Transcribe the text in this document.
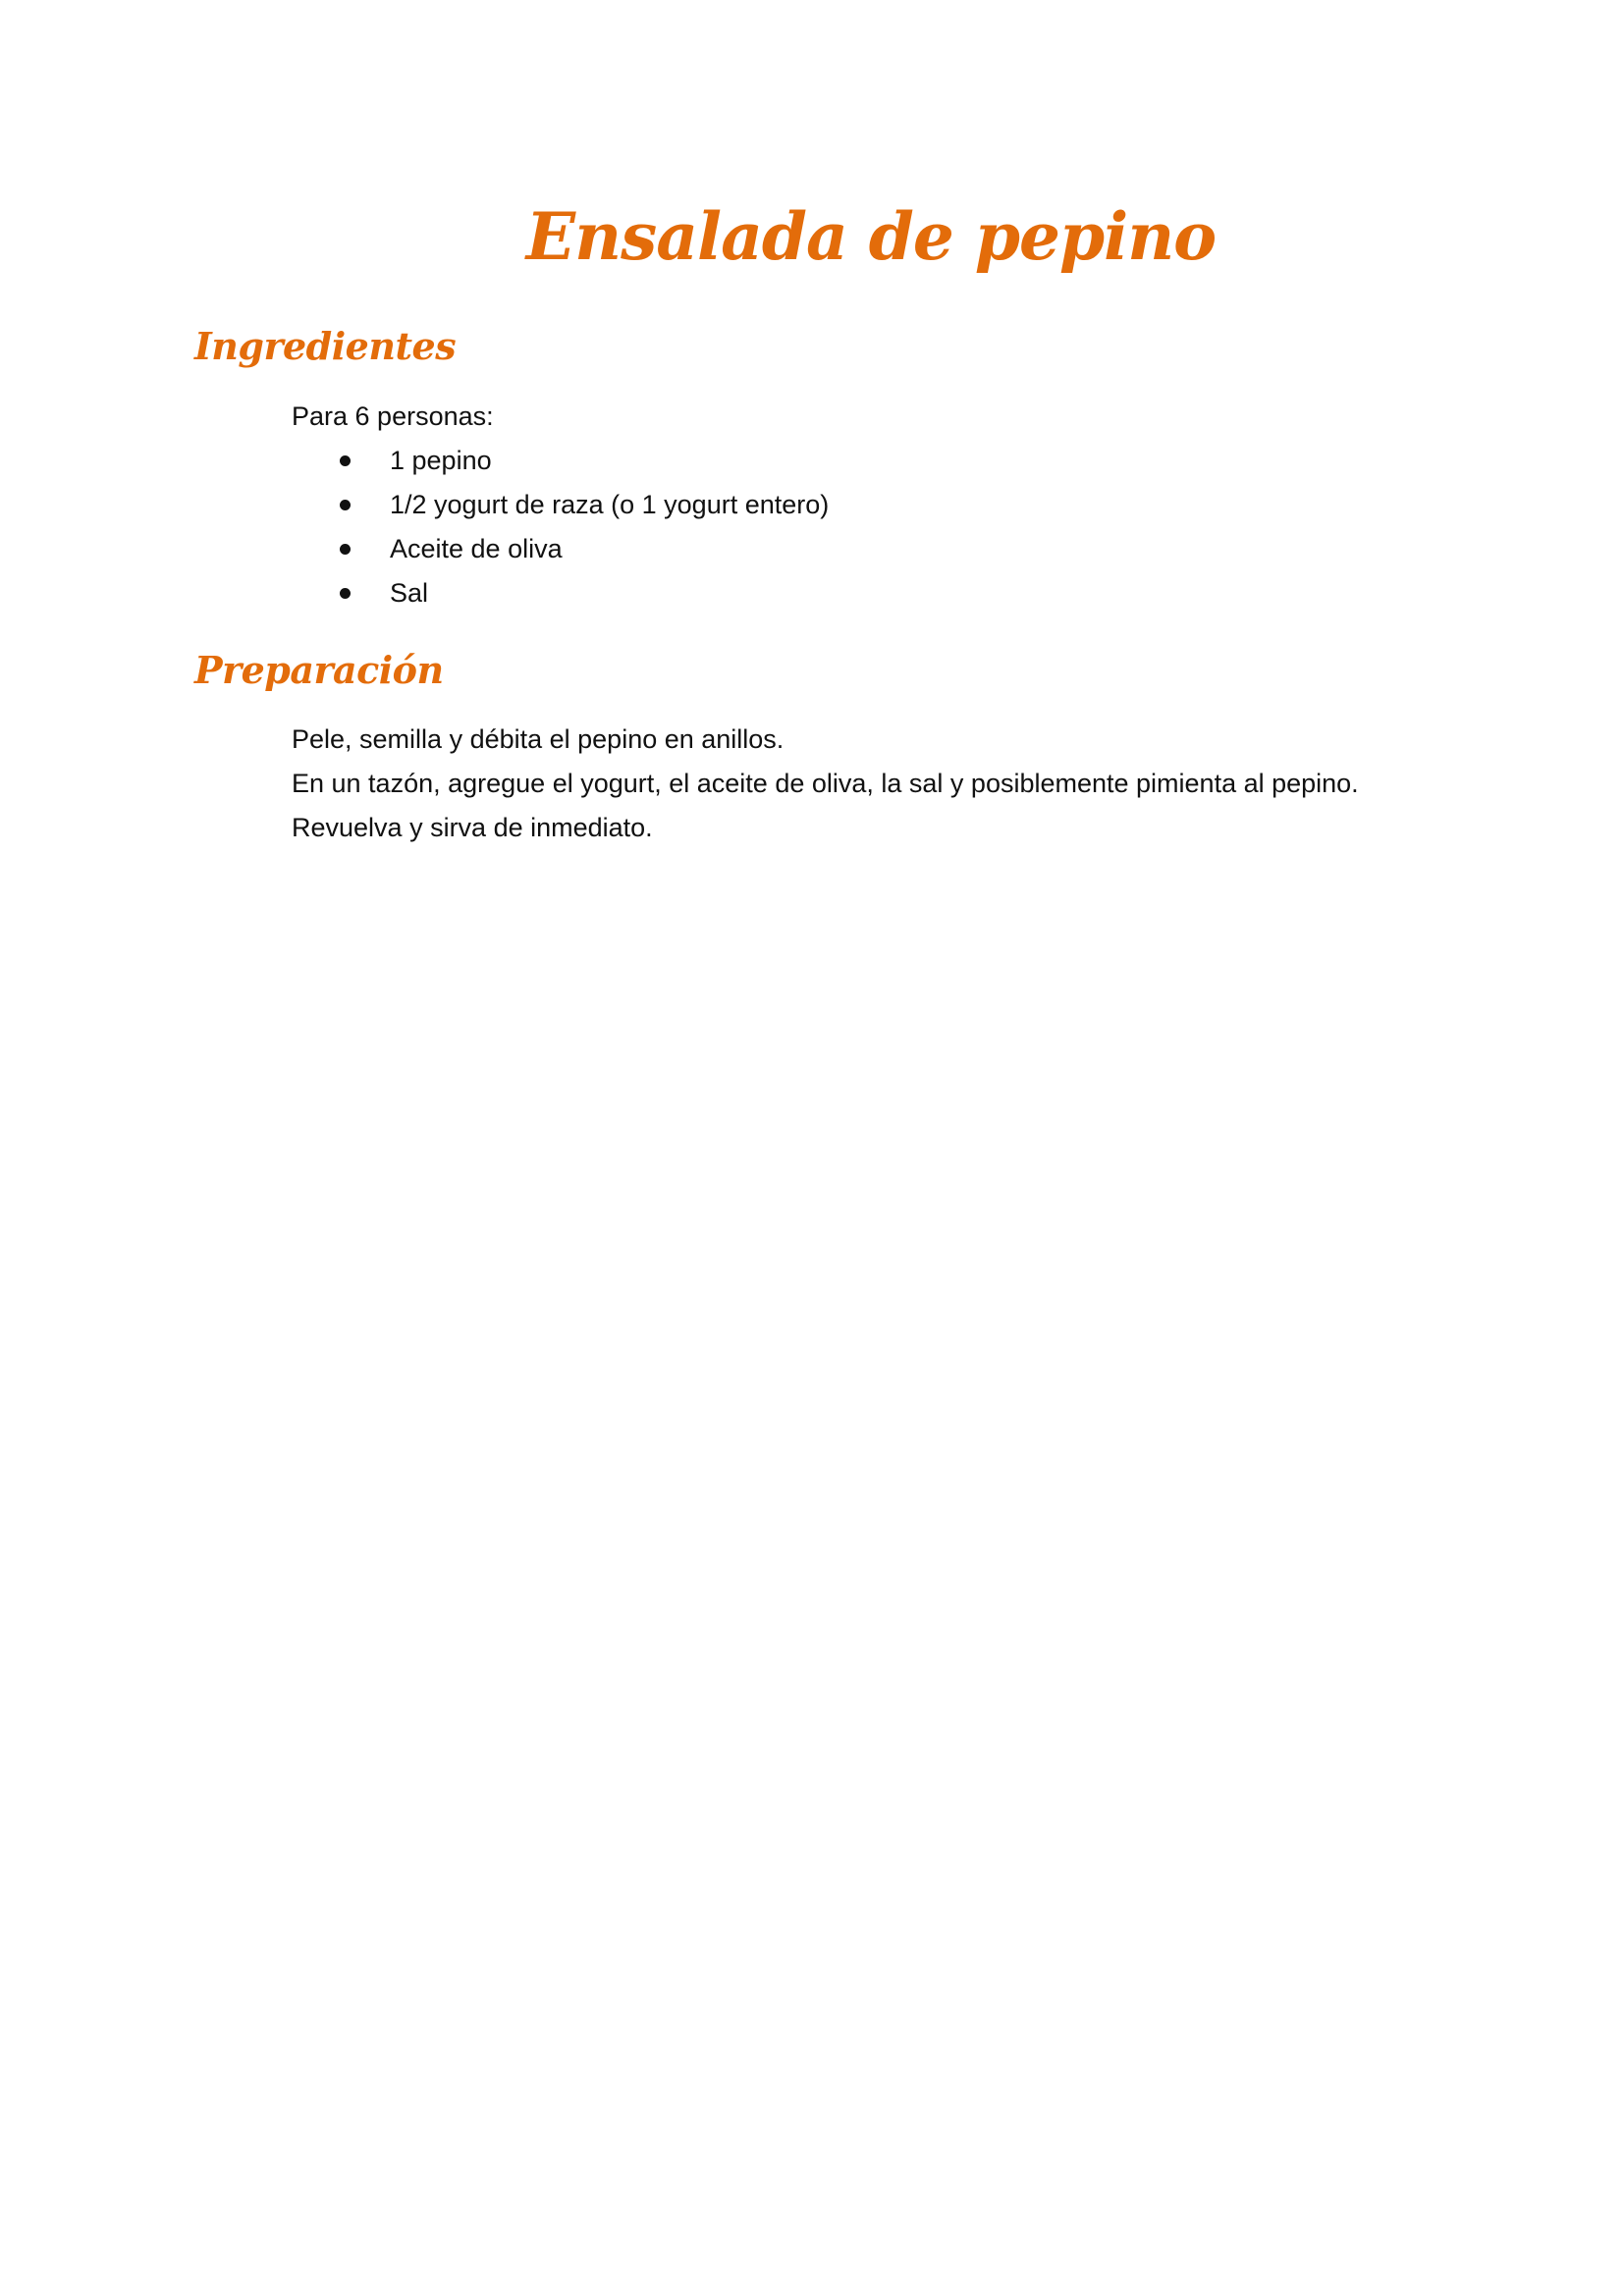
Ensalada de pepino
Ingredientes

Para 6 personas:

1 pepino
1/2 yogurt de raza (o 1 yogurt entero)
Aceite de oliva
Sal
Preparación

Pele, semilla y débita el pepino en anillos.

En un tazón, agregue el yogurt, el aceite de oliva, la sal y posiblemente pimienta al pepino.

Revuelva y sirva de inmediato.
